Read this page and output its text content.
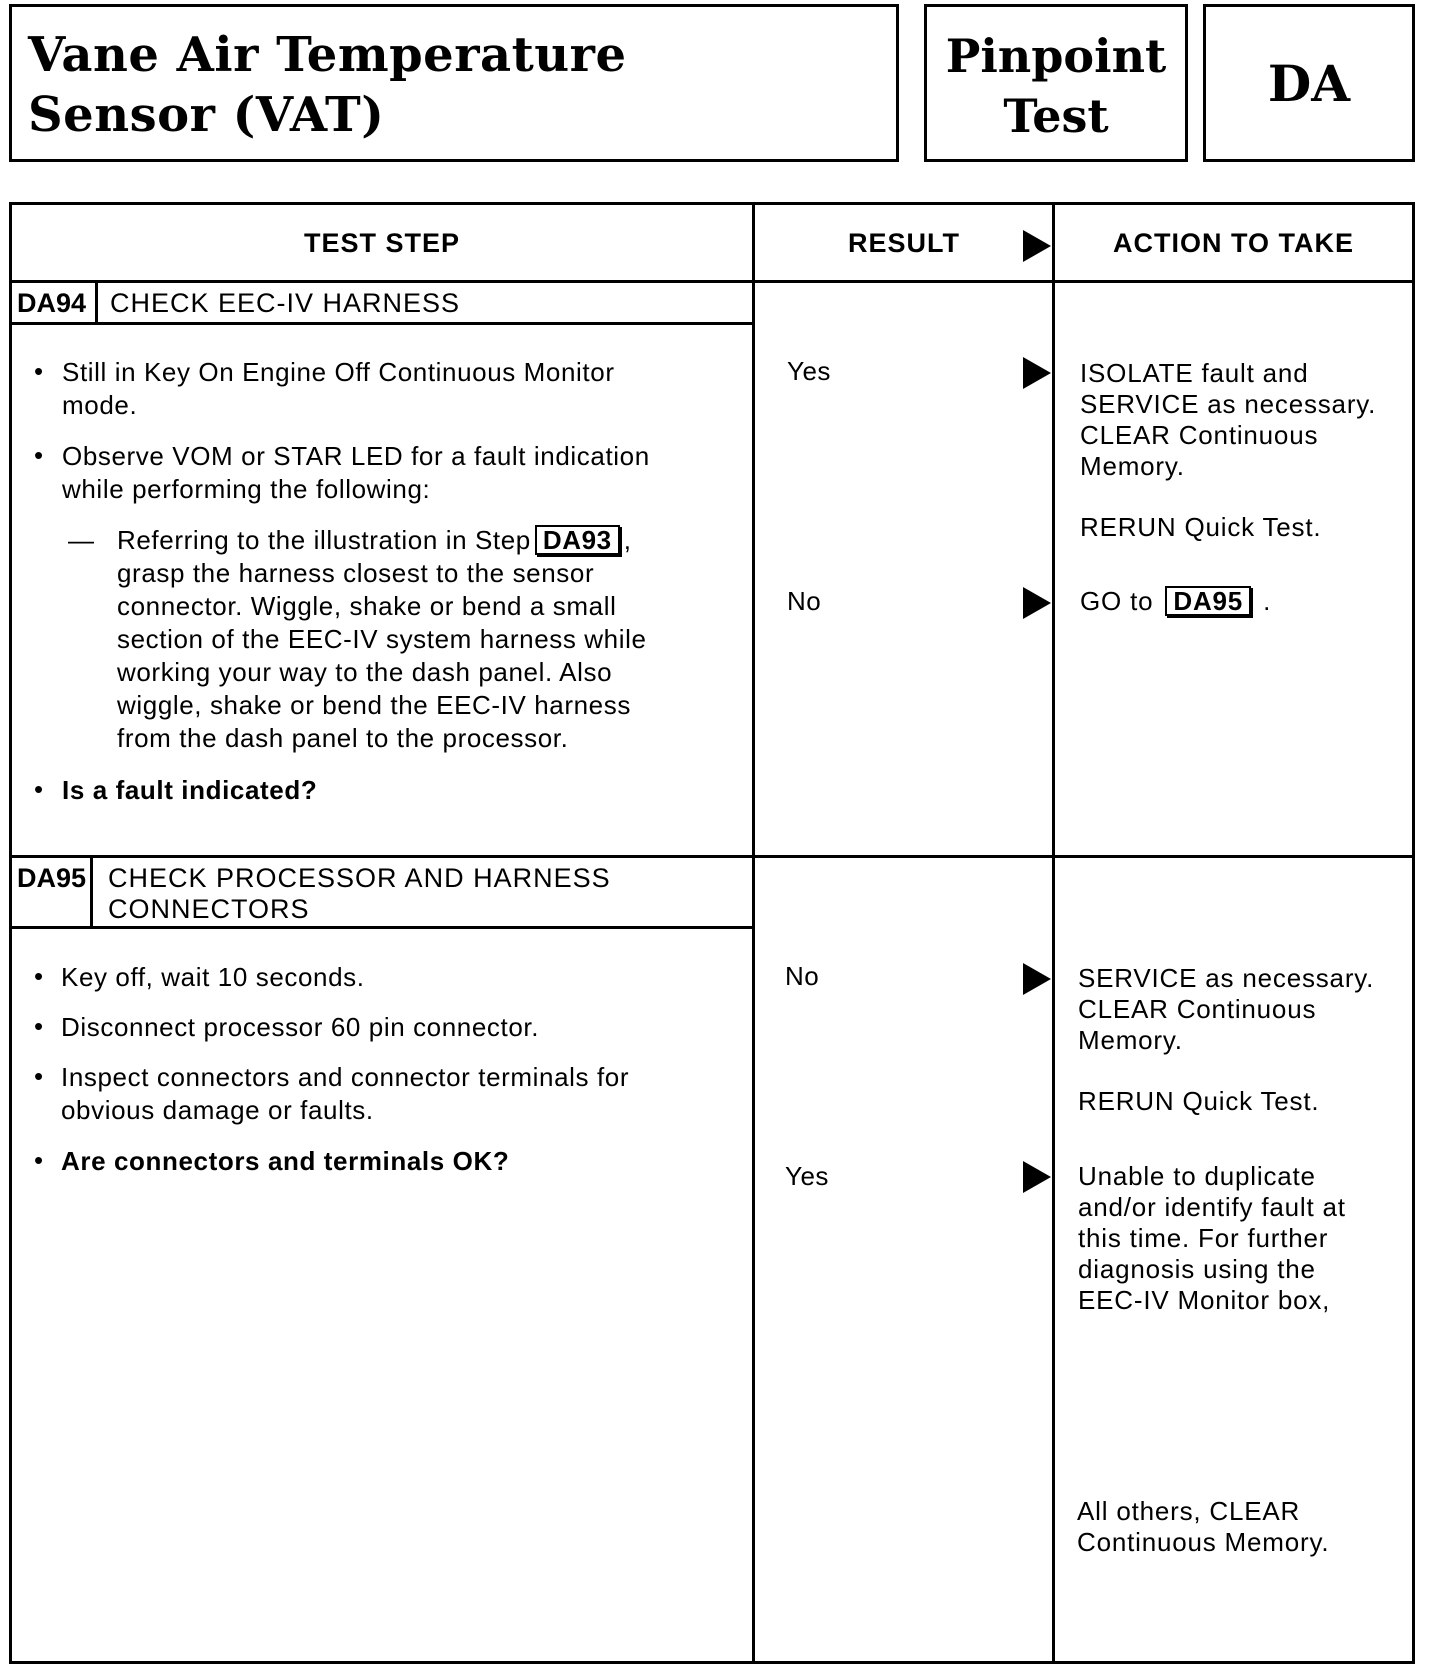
Vane Air Temperature
Sensor (VAT)
Pinpoint
Test
DA
TEST STEP	RESULT	ACTION TO TAKE
DA94 CHECK EEC-IV HARNESS
• Still in Key On Engine Off Continuous Monitor
mode.
• Observe VOM or STAR LED for a fault indication
while performing the following:
— Referring to the illustration in Step DA93 ,
grasp the harness closest to the sensor
connector. Wiggle, shake or bend a small
section of the EEC-IV system harness while
working your way to the dash panel. Also
wiggle, shake or bend the EEC-IV harness
from the dash panel to the processor.
• Is a fault indicated?
Yes	ISOLATE fault and
SERVICE as necessary.
CLEAR Continuous
Memory.
RERUN Quick Test.
No	GO to DA95 .
DA95 CHECK PROCESSOR AND HARNESS
CONNECTORS
• Key off, wait 10 seconds.
• Disconnect processor 60 pin connector.
• Inspect connectors and connector terminals for
obvious damage or faults.
• Are connectors and terminals OK?
No	SERVICE as necessary.
CLEAR Continuous
Memory.
RERUN Quick Test.
Yes	Unable to duplicate
and/or identify fault at
this time. For further
diagnosis using the
EEC-IV Monitor box,
All others, CLEAR
Continuous Memory.
